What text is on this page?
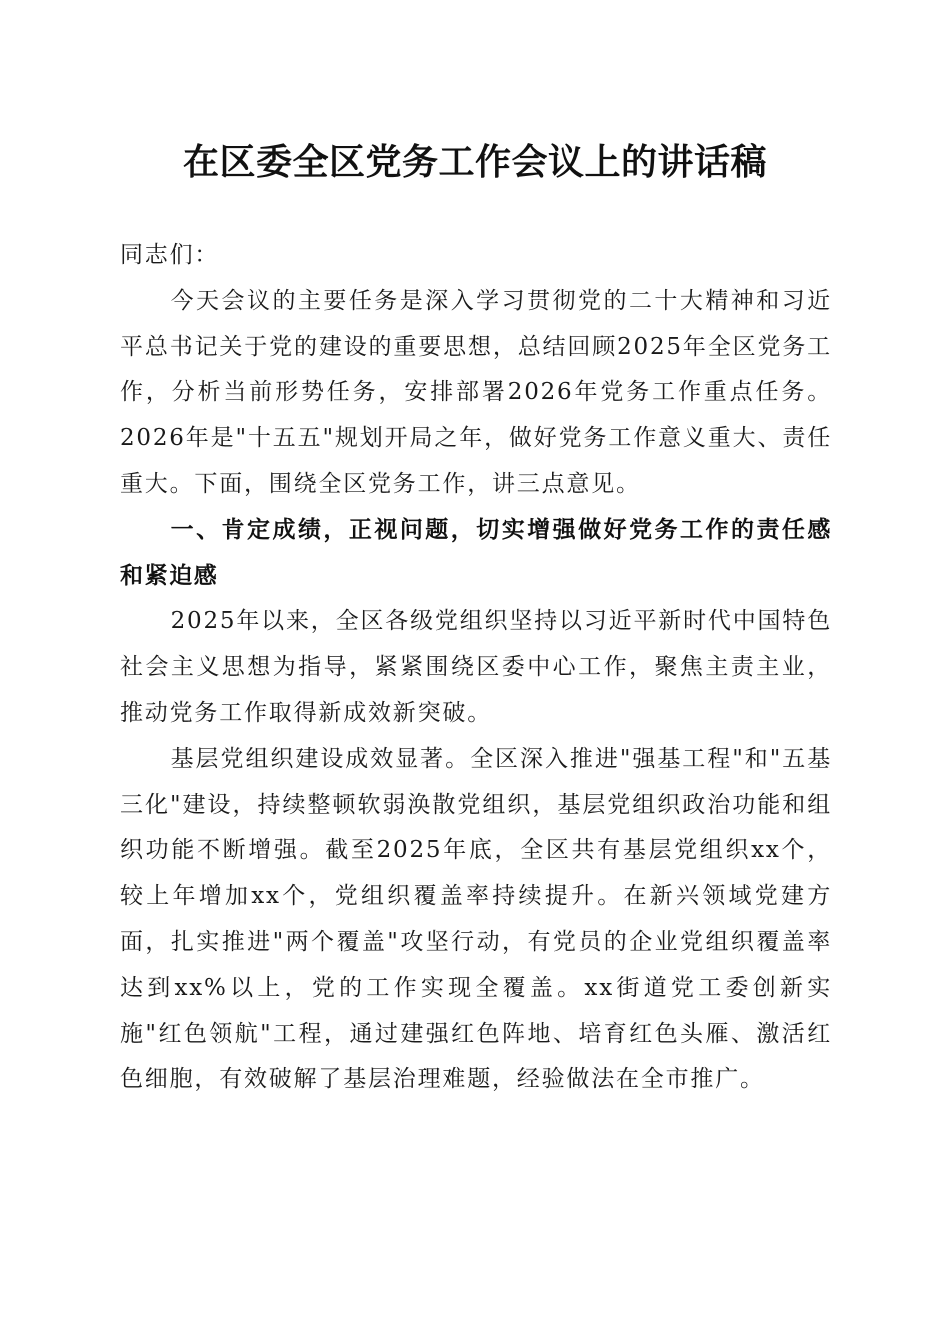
在区委全区党务工作会议上的讲话稿

同志们：

今天会议的主要任务是深入学习贯彻党的二十大精神和习近平总书记关于党的建设的重要思想，总结回顾2025年全区党务工作，分析当前形势任务，安排部署2026年党务工作重点任务。2026年是"十五五"规划开局之年，做好党务工作意义重大、责任重大。下面，围绕全区党务工作，讲三点意见。

一、肯定成绩，正视问题，切实增强做好党务工作的责任感和紧迫感

2025年以来，全区各级党组织坚持以习近平新时代中国特色社会主义思想为指导，紧紧围绕区委中心工作，聚焦主责主业，推动党务工作取得新成效新突破。

基层党组织建设成效显著。全区深入推进"强基工程"和"五基三化"建设，持续整顿软弱涣散党组织，基层党组织政治功能和组织功能不断增强。截至2025年底，全区共有基层党组织xx个，较上年增加xx个，党组织覆盖率持续提升。在新兴领域党建方面，扎实推进"两个覆盖"攻坚行动，有党员的企业党组织覆盖率达到xx%以上，党的工作实现全覆盖。xx街道党工委创新实施"红色领航"工程，通过建强红色阵地、培育红色头雁、激活红色细胞，有效破解了基层治理难题，经验做法在全市推广。
